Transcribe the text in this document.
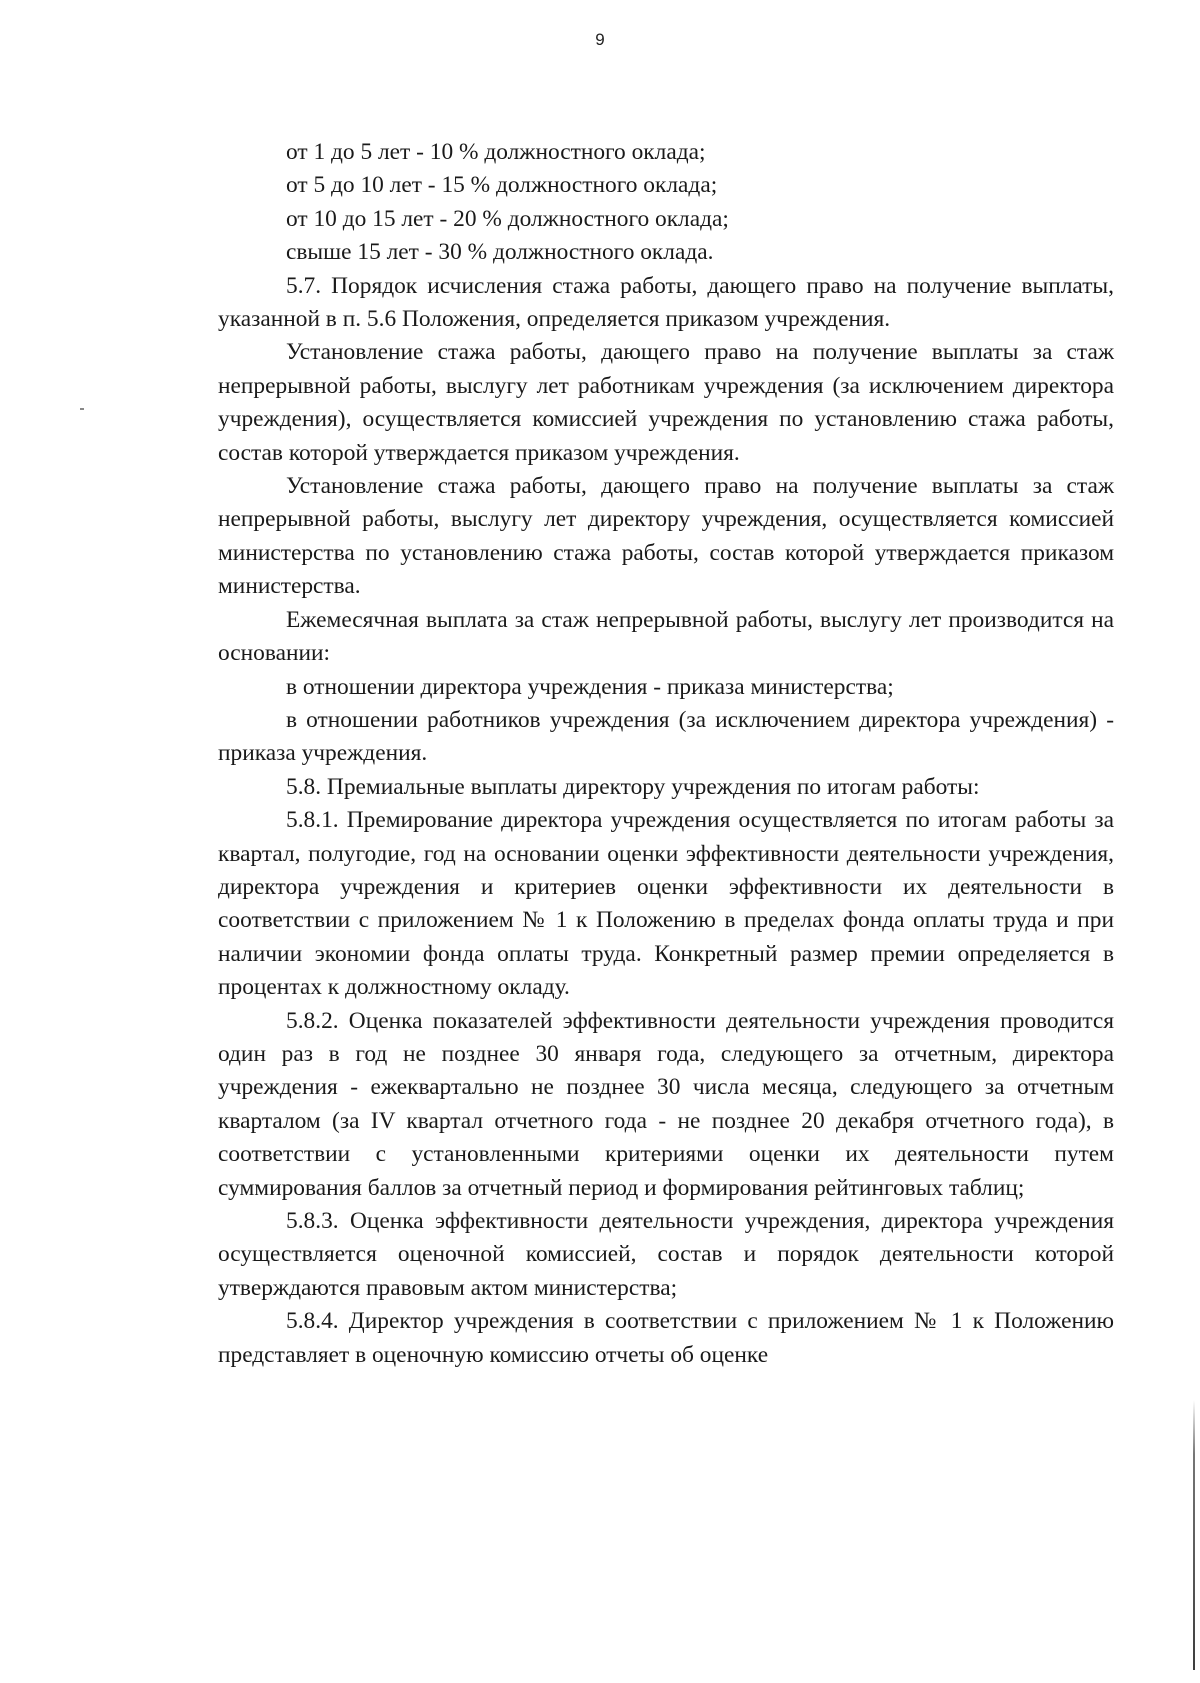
9
от 1 до 5 лет - 10 % должностного оклада;
от 5 до 10 лет - 15 % должностного оклада;
от 10 до 15 лет - 20 % должностного оклада;
свыше 15 лет - 30 % должностного оклада.
5.7. Порядок исчисления стажа работы, дающего право на получение выплаты, указанной в п. 5.6 Положения, определяется приказом учреждения.
Установление стажа работы, дающего право на получение выплаты за стаж непрерывной работы, выслугу лет работникам учреждения (за исключением директора учреждения), осуществляется комиссией учреждения по установлению стажа работы, состав которой утверждается приказом учреждения.
Установление стажа работы, дающего право на получение выплаты за стаж непрерывной работы, выслугу лет директору учреждения, осуществляется комиссией министерства по установлению стажа работы, состав которой утверждается приказом министерства.
Ежемесячная выплата за стаж непрерывной работы, выслугу лет производится на основании:
в отношении директора учреждения - приказа министерства;
в отношении работников учреждения (за исключением директора учреждения) - приказа учреждения.
5.8. Премиальные выплаты директору учреждения по итогам работы:
5.8.1. Премирование директора учреждения осуществляется по итогам работы за квартал, полугодие, год на основании оценки эффективности деятельности учреждения, директора учреждения и критериев оценки эффективности их деятельности в соответствии с приложением № 1 к Положению в пределах фонда оплаты труда и при наличии экономии фонда оплаты труда. Конкретный размер премии определяется в процентах к должностному окладу.
5.8.2. Оценка показателей эффективности деятельности учреждения проводится один раз в год не позднее 30 января года, следующего за отчетным, директора учреждения - ежеквартально не позднее 30 числа месяца, следующего за отчетным кварталом (за IV квартал отчетного года - не позднее 20 декабря отчетного года), в соответствии с установленными критериями оценки их деятельности путем суммирования баллов за отчетный период и формирования рейтинговых таблиц;
5.8.3. Оценка эффективности деятельности учреждения, директора учреждения осуществляется оценочной комиссией, состав и порядок деятельности которой утверждаются правовым актом министерства;
5.8.4. Директор учреждения в соответствии с приложением № 1 к Положению представляет в оценочную комиссию отчеты об оценке
